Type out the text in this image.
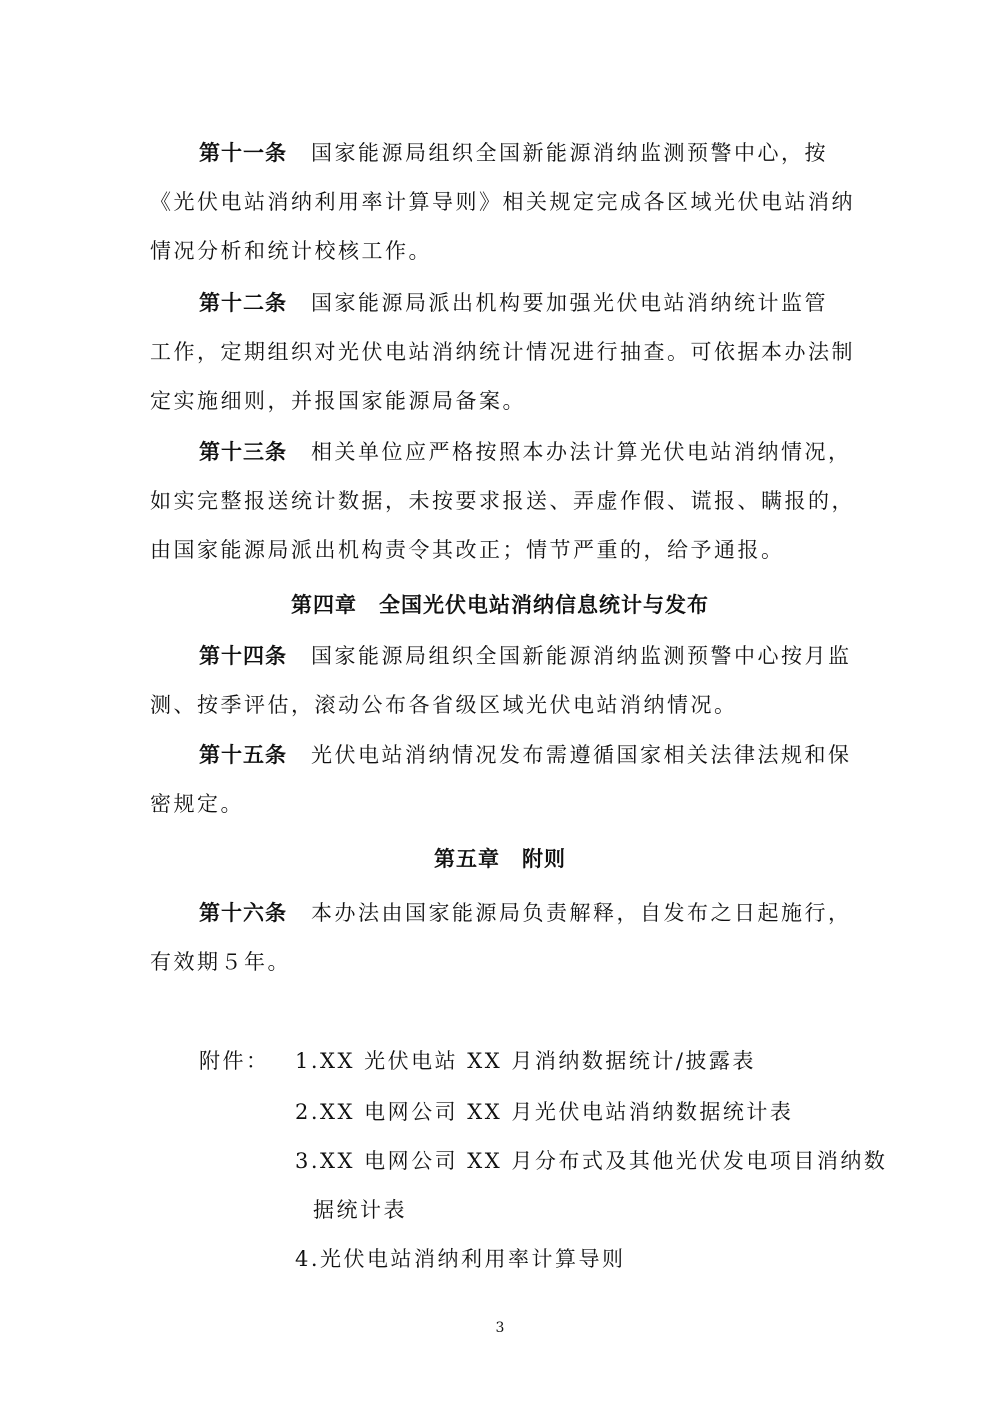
第十一条 国家能源局组织全国新能源消纳监测预警中心，按
《光伏电站消纳利用率计算导则》相关规定完成各区域光伏电站消纳
情况分析和统计校核工作。
第十二条 国家能源局派出机构要加强光伏电站消纳统计监管
工作，定期组织对光伏电站消纳统计情况进行抽查。可依据本办法制
定实施细则，并报国家能源局备案。
第十三条 相关单位应严格按照本办法计算光伏电站消纳情况，
如实完整报送统计数据，未按要求报送、弄虚作假、谎报、瞒报的，
由国家能源局派出机构责令其改正；情节严重的，给予通报。
第四章　全国光伏电站消纳信息统计与发布
第十四条 国家能源局组织全国新能源消纳监测预警中心按月监
测、按季评估，滚动公布各省级区域光伏电站消纳情况。
第十五条 光伏电站消纳情况发布需遵循国家相关法律法规和保
密规定。
第五章　附则
第十六条 本办法由国家能源局负责解释，自发布之日起施行，
有效期５年。
附件： 1.XX 光伏电站 XX 月消纳数据统计/披露表
2.XX 电网公司 XX 月光伏电站消纳数据统计表
3.XX 电网公司 XX 月分布式及其他光伏发电项目消纳数
据统计表
4.光伏电站消纳利用率计算导则
3
